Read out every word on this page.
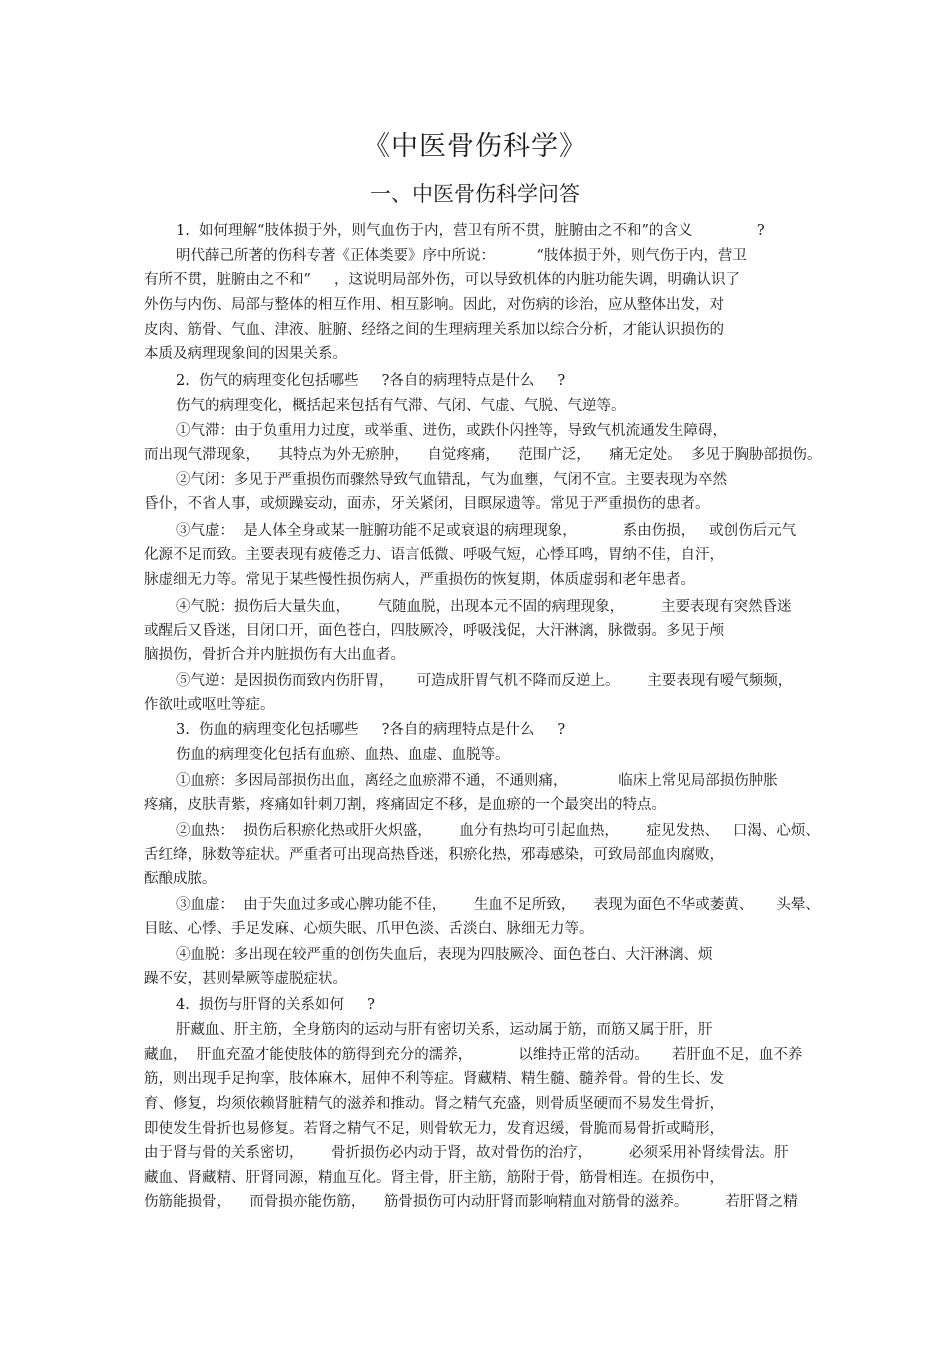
《中医骨伤科学》
一、中医骨伤科学问答

1.  如何理解“肢体损于外，则气血伤于内，营卫有所不贯，脏腑由之不和”的含义              ?

明代薛己所著的伤科专著《正体类要》序中所说：         “肢体损于外，则气伤于内，营卫

有所不贯，脏腑由之不和”     ，这说明局部外伤，可以导致机体的内脏功能失调，明确认识了

外伤与内伤、局部与整体的相互作用、相互影响。因此，对伤病的诊治，应从整体出发，对

皮肉、筋骨、气血、津液、脏腑、经络之间的生理病理关系加以综合分析，才能认识损伤的

本质及病理现象间的因果关系。

2.  伤气的病理变化包括哪些     ?各自的病理特点是什么     ?

伤气的病理变化，概括起来包括有气滞、气闭、气虚、气脱、气逆等。

①气滞：由于负重用力过度，或举重、迸伤，或跌仆闪挫等，导致气机流通发生障碍，

而出现气滞现象，    其特点为外无瘀肿，    自觉疼痛，    范围广泛，    痛无定处。  多见于胸胁部损伤。

②气闭：多见于严重损伤而骤然导致气血错乱，气为血壅，气闭不宣。主要表现为卒然

昏仆，不省人事，或烦躁妄动，面赤，牙关紧闭，目瞑尿遗等。常见于严重损伤的患者。

③气虚：  是人体全身或某一脏腑功能不足或衰退的病理现象，          系由伤损，   或创伤后元气

化源不足而致。主要表现有疲倦乏力、语言低微、呼吸气短，心悸耳鸣，胃纳不佳，自汗，

脉虚细无力等。常见于某些慢性损伤病人，严重损伤的恢复期，体质虚弱和老年患者。

④气脱：损伤后大量失血，      气随血脱，出现本元不固的病理现象，        主要表现有突然昏迷

或醒后又昏迷，目闭口开，面色苍白，四肢厥冷，呼吸浅促，大汗淋漓，脉微弱。多见于颅

脑损伤，骨折合并内脏损伤有大出血者。

⑤气逆：是因损伤而致内伤肝胃，     可造成肝胃气机不降而反逆上。      主要表现有嗳气频频，

作欲吐或呕吐等症。

3.  伤血的病理变化包括哪些     ?各自的病理特点是什么     ?

伤血的病理变化包括有血瘀、血热、血虚、血脱等。

①血瘀：多因局部损伤出血，离经之血瘀滞不通，不通则痛，           临床上常见局部损伤肿胀

疼痛，皮肤青紫，疼痛如针刺刀割，疼痛固定不移，是血瘀的一个最突出的特点。

②血热：  损伤后积瘀化热或肝火炽盛，      血分有热均可引起血热，      症见发热、   口渴、心烦、

舌红绛，脉数等症状。严重者可出现高热昏迷，积瘀化热，邪毒感染，可致局部血肉腐败，

酝酿成脓。

③血虚：  由于失血过多或心脾功能不佳，      生血不足所致，    表现为面色不华或萎黄、     头晕、

目眩、心悸、手足发麻、心烦失眠、爪甲色淡、舌淡白、脉细无力等。

④血脱：多出现在较严重的创伤失血后，表现为四肢厥冷、面色苍白、大汗淋漓、烦

躁不安，甚则晕厥等虚脱症状。

4.  损伤与肝肾的关系如何     ?

肝藏血、肝主筋，全身筋肉的运动与肝有密切关系，运动属于筋，而筋又属于肝，肝

藏血，  肝血充盈才能使肢体的筋得到充分的濡养，          以维持正常的活动。     若肝血不足，血不养

筋，则出现手足拘挛，肢体麻木，屈伸不利等症。肾藏精、精生髓、髓养骨。骨的生长、发

育、修复，均须依赖肾脏精气的滋养和推动。肾之精气充盛，则骨质坚硬而不易发生骨折，

即使发生骨折也易修复。若肾之精气不足，则骨软无力，发育迟缓，骨脆而易骨折或畸形，

由于肾与骨的关系密切，      骨折损伤必内动于肾，故对骨伤的治疗，        必须采用补肾续骨法。肝

藏血、肾藏精、肝肾同源，精血互化。肾主骨，肝主筋，筋附于骨，筋骨相连。在损伤中，

伤筋能损骨，    而骨损亦能伤筋，    筋骨损伤可内动肝肾而影响精血对筋骨的滋养。        若肝肾之精
